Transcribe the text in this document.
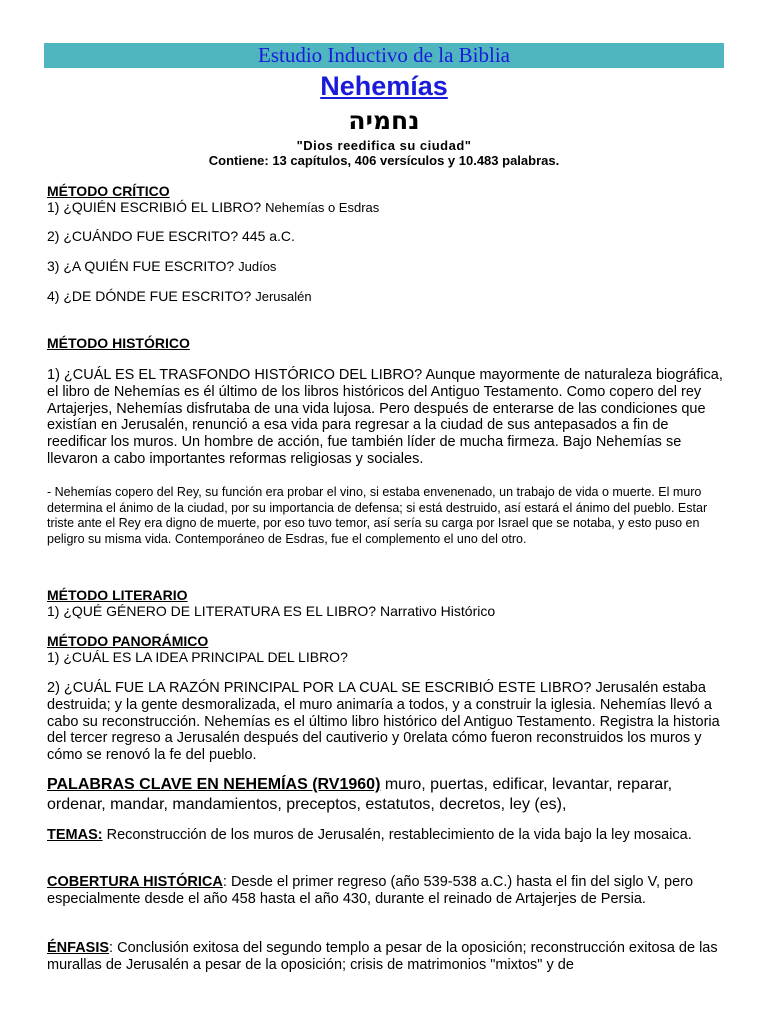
Estudio Inductivo de la Biblia
Nehemías
נחמיה
"Dios reedifica su ciudad"
Contiene: 13 capítulos, 406 versículos y 10.483 palabras.
MÉTODO CRÍTICO
1) ¿QUIÉN ESCRIBIÓ EL LIBRO? Nehemías o Esdras
2) ¿CUÁNDO FUE ESCRITO? 445 a.C.
3) ¿A QUIÉN FUE ESCRITO? Judíos
4) ¿DE DÓNDE FUE ESCRITO? Jerusalén
MÉTODO HISTÓRICO
1) ¿CUÁL ES EL TRASFONDO HISTÓRICO DEL LIBRO? Aunque mayormente de naturaleza biográfica, el libro de Nehemías es él último de los libros históricos del Antiguo Testamento. Como copero del rey Artajerjes, Nehemías disfrutaba de una vida lujosa. Pero después de enterarse de las condiciones que existían en Jerusalén, renunció a esa vida para regresar a la ciudad de sus antepasados a fin de reedificar los muros. Un hombre de acción, fue también líder de mucha firmeza. Bajo Nehemías se llevaron a cabo importantes reformas religiosas y sociales.
- Nehemías copero del Rey, su función era probar el vino, si estaba envenenado, un trabajo de vida o muerte. El muro determina el ánimo de la ciudad, por su importancia de defensa; si está destruido, así estará el ánimo del pueblo. Estar triste ante el Rey era digno de muerte, por eso tuvo temor, así sería su carga por Israel que se notaba, y esto puso en peligro su misma vida. Contemporáneo de Esdras, fue el complemento el uno del otro.
MÉTODO LITERARIO
1) ¿QUÉ GÉNERO DE LITERATURA ES EL LIBRO? Narrativo Histórico
MÉTODO PANORÁMICO
1) ¿CUÁL ES LA IDEA PRINCIPAL DEL LIBRO?
2) ¿CUÁL FUE LA RAZÓN PRINCIPAL POR LA CUAL SE ESCRIBIÓ ESTE LIBRO? Jerusalén estaba destruida; y la gente desmoralizada, el muro animaría a todos, y a construir la iglesia. Nehemías llevó a cabo su reconstrucción. Nehemías es el último libro histórico del Antiguo Testamento. Registra la historia del tercer regreso a Jerusalén después del cautiverio y 0relata cómo fueron reconstruidos los muros y cómo se renovó la fe del pueblo.
PALABRAS CLAVE EN NEHEMÍAS (RV1960) muro, puertas, edificar, levantar, reparar, ordenar, mandar, mandamientos, preceptos, estatutos, decretos, ley (es),
TEMAS: Reconstrucción de los muros de Jerusalén, restablecimiento de la vida bajo la ley mosaica.
COBERTURA HISTÓRICA: Desde el primer regreso (año 539-538 a.C.) hasta el fin del siglo V, pero especialmente desde el año 458 hasta el año 430, durante el reinado de Artajerjes de Persia.
ÉNFASIS: Conclusión exitosa del segundo templo a pesar de la oposición; reconstrucción exitosa de las murallas de Jerusalén a pesar de la oposición; crisis de matrimonios "mixtos" y de
